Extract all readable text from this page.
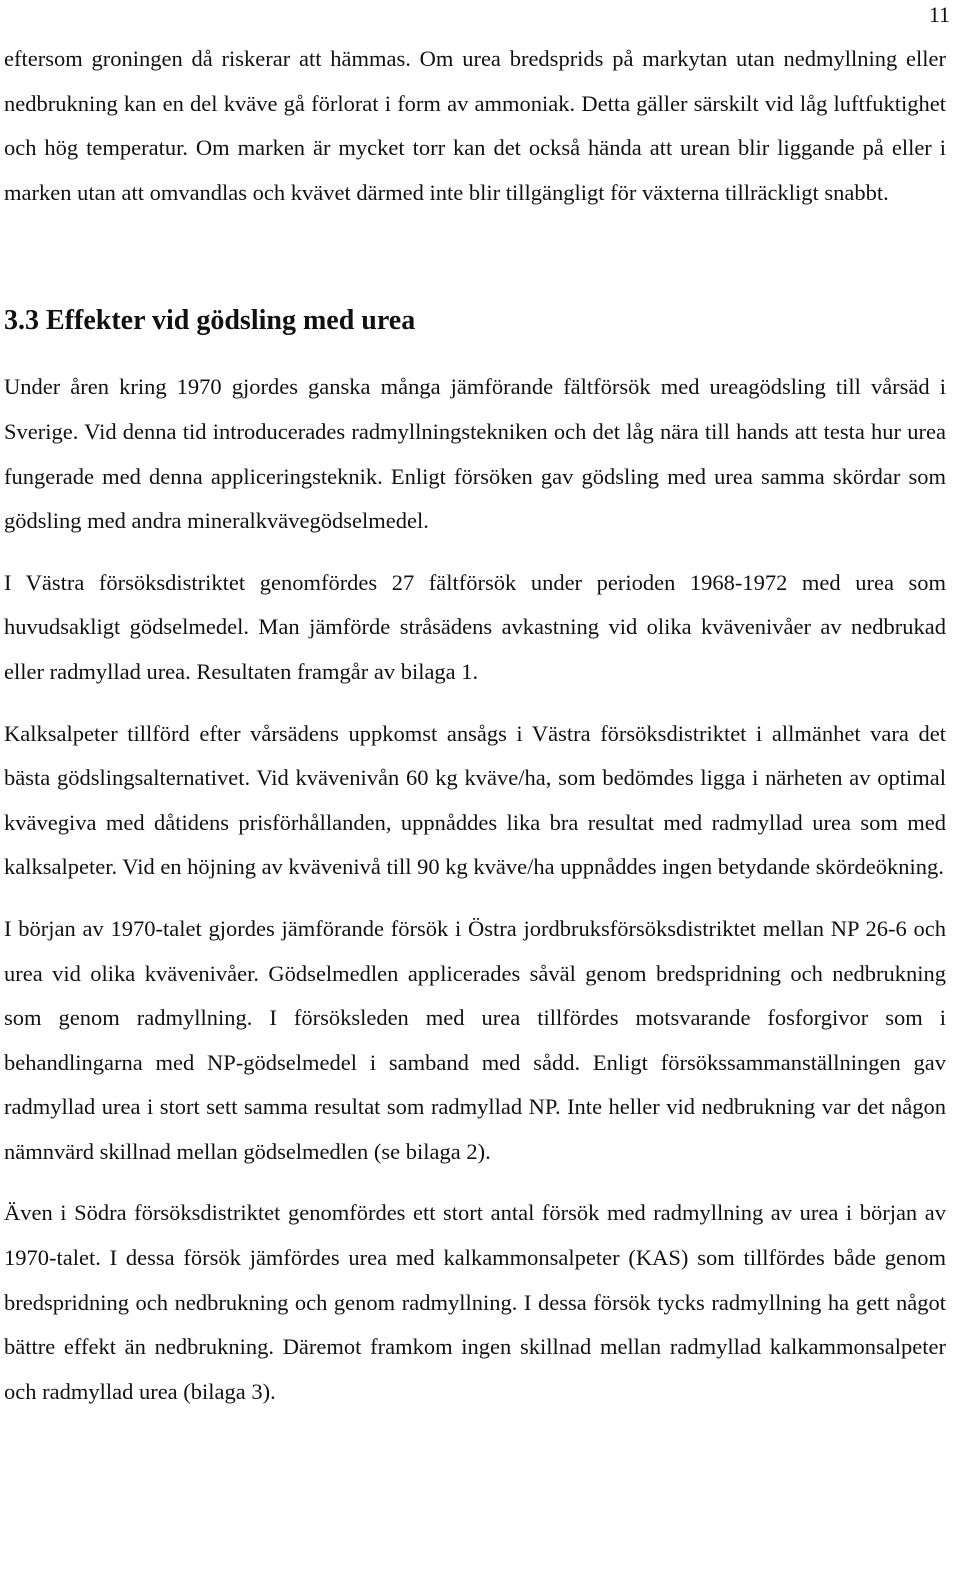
11

eftersom groningen då riskerar att hämmas. Om urea bredsprids på markytan utan nedmyllning eller nedbrukning kan en del kväve gå förlorat i form av ammoniak. Detta gäller särskilt vid låg luftfuktighet och hög temperatur. Om marken är mycket torr kan det också hända att urean blir liggande på eller i marken utan att omvandlas och kvävet därmed inte blir tillgängligt för växterna tillräckligt snabbt.

3.3 Effekter vid gödsling med urea

Under åren kring 1970 gjordes ganska många jämförande fältförsök med ureagödsling till vårsäd i Sverige. Vid denna tid introducerades radmyllningstekniken och det låg nära till hands att testa hur urea fungerade med denna appliceringsteknik. Enligt försöken gav gödsling med urea samma skördar som gödsling med andra mineralkvävegödselmedel.

I Västra försöksdistriktet genomfördes 27 fältförsök under perioden 1968-1972 med urea som huvudsakligt gödselmedel. Man jämförde stråsädens avkastning vid olika kvävenivåer av nedbrukad eller radmyllad urea. Resultaten framgår av bilaga 1.

Kalksalpeter tillförd efter vårsädens uppkomst ansågs i Västra försöksdistriktet i allmänhet vara det bästa gödslingsalternativet. Vid kvävenivån 60 kg kväve/ha, som bedömdes ligga i närheten av optimal kvävegiva med dåtidens prisförhållanden, uppnåddes lika bra resultat med radmyllad urea som med kalksalpeter. Vid en höjning av kvävenivå till 90 kg kväve/ha uppnåddes ingen betydande skördeökning.

I början av 1970-talet gjordes jämförande försök i Östra jordbruksförsöksdistriktet mellan NP 26-6 och urea vid olika kvävenivåer. Gödselmedlen applicerades såväl genom bredspridning och nedbrukning som genom radmyllning. I försöksleden med urea tillfördes motsvarande fosforgivor som i behandlingarna med NP-gödselmedel i samband med sådd. Enligt försökssammanställningen gav radmyllad urea i stort sett samma resultat som radmyllad NP. Inte heller vid nedbrukning var det någon nämnvärd skillnad mellan gödselmedlen (se bilaga 2).

Även i Södra försöksdistriktet genomfördes ett stort antal försök med radmyllning av urea i början av 1970-talet. I dessa försök jämfördes urea med kalkammonsalpeter (KAS) som tillfördes både genom bredspridning och nedbrukning och genom radmyllning. I dessa försök tycks radmyllning ha gett något bättre effekt än nedbrukning. Däremot framkom ingen skillnad mellan radmyllad kalkammonsalpeter och radmyllad urea (bilaga 3).
